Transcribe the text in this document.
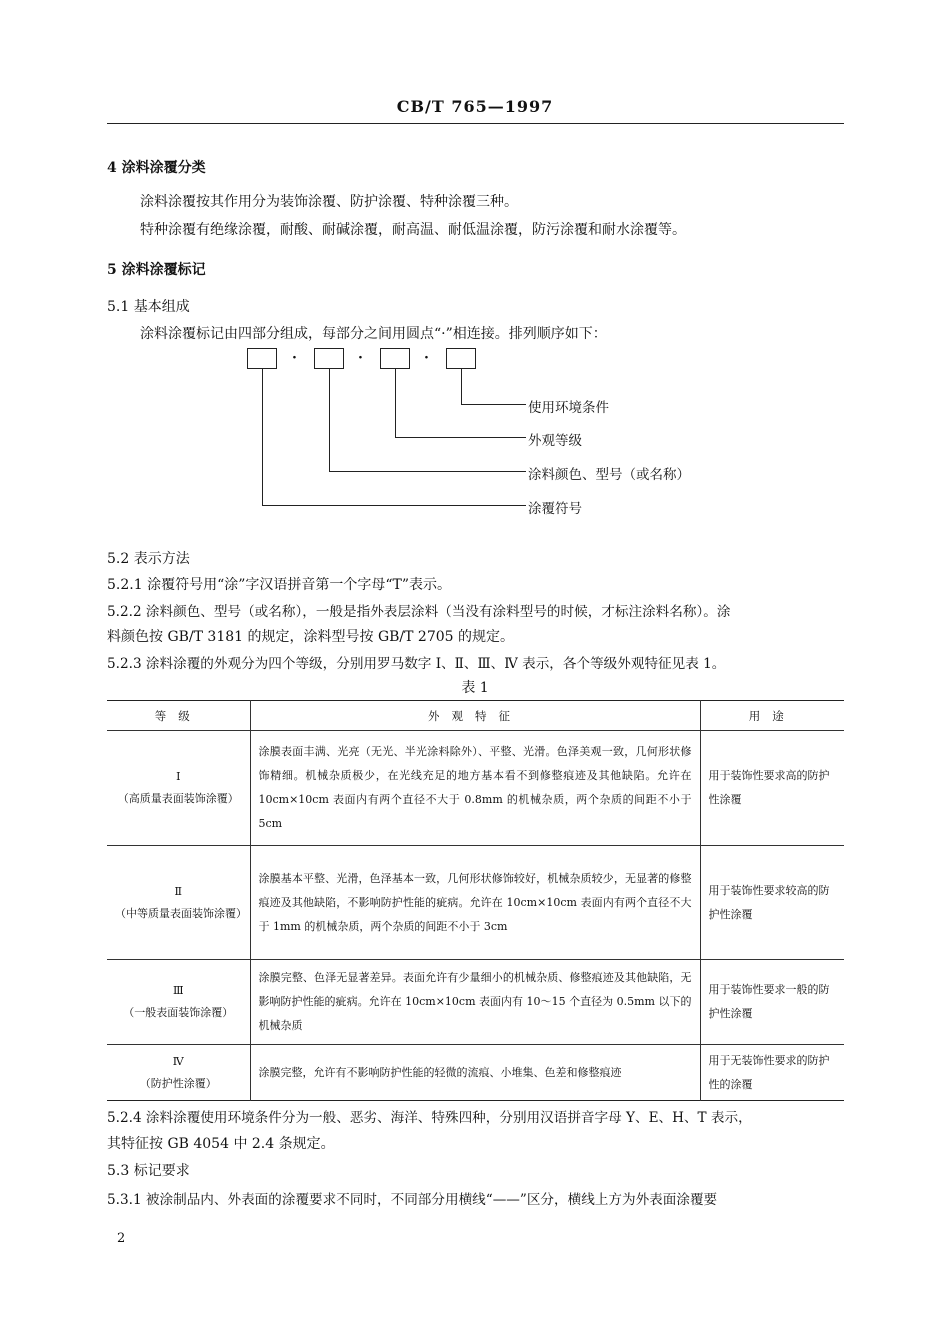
CB/T 765—1997
4 涂料涂覆分类
涂料涂覆按其作用分为装饰涂覆、防护涂覆、特种涂覆三种。
特种涂覆有绝缘涂覆，耐酸、耐碱涂覆，耐高温、耐低温涂覆，防污涂覆和耐水涂覆等。
5 涂料涂覆标记
5.1 基本组成
涂料涂覆标记由四部分组成，每部分之间用圆点“·”相连接。排列顺序如下：
·	·	·
使用环境条件
外观等级
涂料颜色、型号（或名称）
涂覆符号
5.2 表示方法
5.2.1 涂覆符号用“涂”字汉语拼音第一个字母“T”表示。
5.2.2 涂料颜色、型号（或名称），一般是指外表层涂料（当没有涂料型号的时候，才标注涂料名称）。涂
料颜色按 GB/T 3181 的规定，涂料型号按 GB/T 2705 的规定。
5.2.3 涂料涂覆的外观分为四个等级，分别用罗马数字 Ⅰ、Ⅱ、Ⅲ、Ⅳ 表示，各个等级外观特征见表 1。
表 1
等级	外观特征	用途

Ⅰ
（高质量表面装饰涂覆）	涂膜表面丰满、光亮（无光、半光涂料除外）、平整、光滑。色泽美观一致，几何形状修饰精细。机械杂质极少，在光线充足的地方基本看不到修整痕迹及其他缺陷。允许在 10cm×10cm 表面内有两个直径不大于 0.8mm 的机械杂质，两个杂质的间距不小于 5cm	用于装饰性要求高的防护性涂覆

Ⅱ
（中等质量表面装饰涂覆）	涂膜基本平整、光滑，色泽基本一致，几何形状修饰较好，机械杂质较少，无显著的修整痕迹及其他缺陷，不影响防护性能的疵病。允许在 10cm×10cm 表面内有两个直径不大于 1mm 的机械杂质，两个杂质的间距不小于 3cm	用于装饰性要求较高的防护性涂覆

Ⅲ
（一般表面装饰涂覆）	涂膜完整、色泽无显著差异。表面允许有少量细小的机械杂质、修整痕迹及其他缺陷，无影响防护性能的疵病。允许在 10cm×10cm 表面内有 10～15 个直径为 0.5mm 以下的机械杂质	用于装饰性要求一般的防护性涂覆

Ⅳ
（防护性涂覆）	涂膜完整，允许有不影响防护性能的轻微的流痕、小堆集、色差和修整痕迹	用于无装饰性要求的防护性的涂覆
5.2.4 涂料涂覆使用环境条件分为一般、恶劣、海洋、特殊四种，分别用汉语拼音字母 Y、E、H、T 表示，
其特征按 GB 4054 中 2.4 条规定。
5.3 标记要求
5.3.1 被涂制品内、外表面的涂覆要求不同时，不同部分用横线“——”区分，横线上方为外表面涂覆要
2
